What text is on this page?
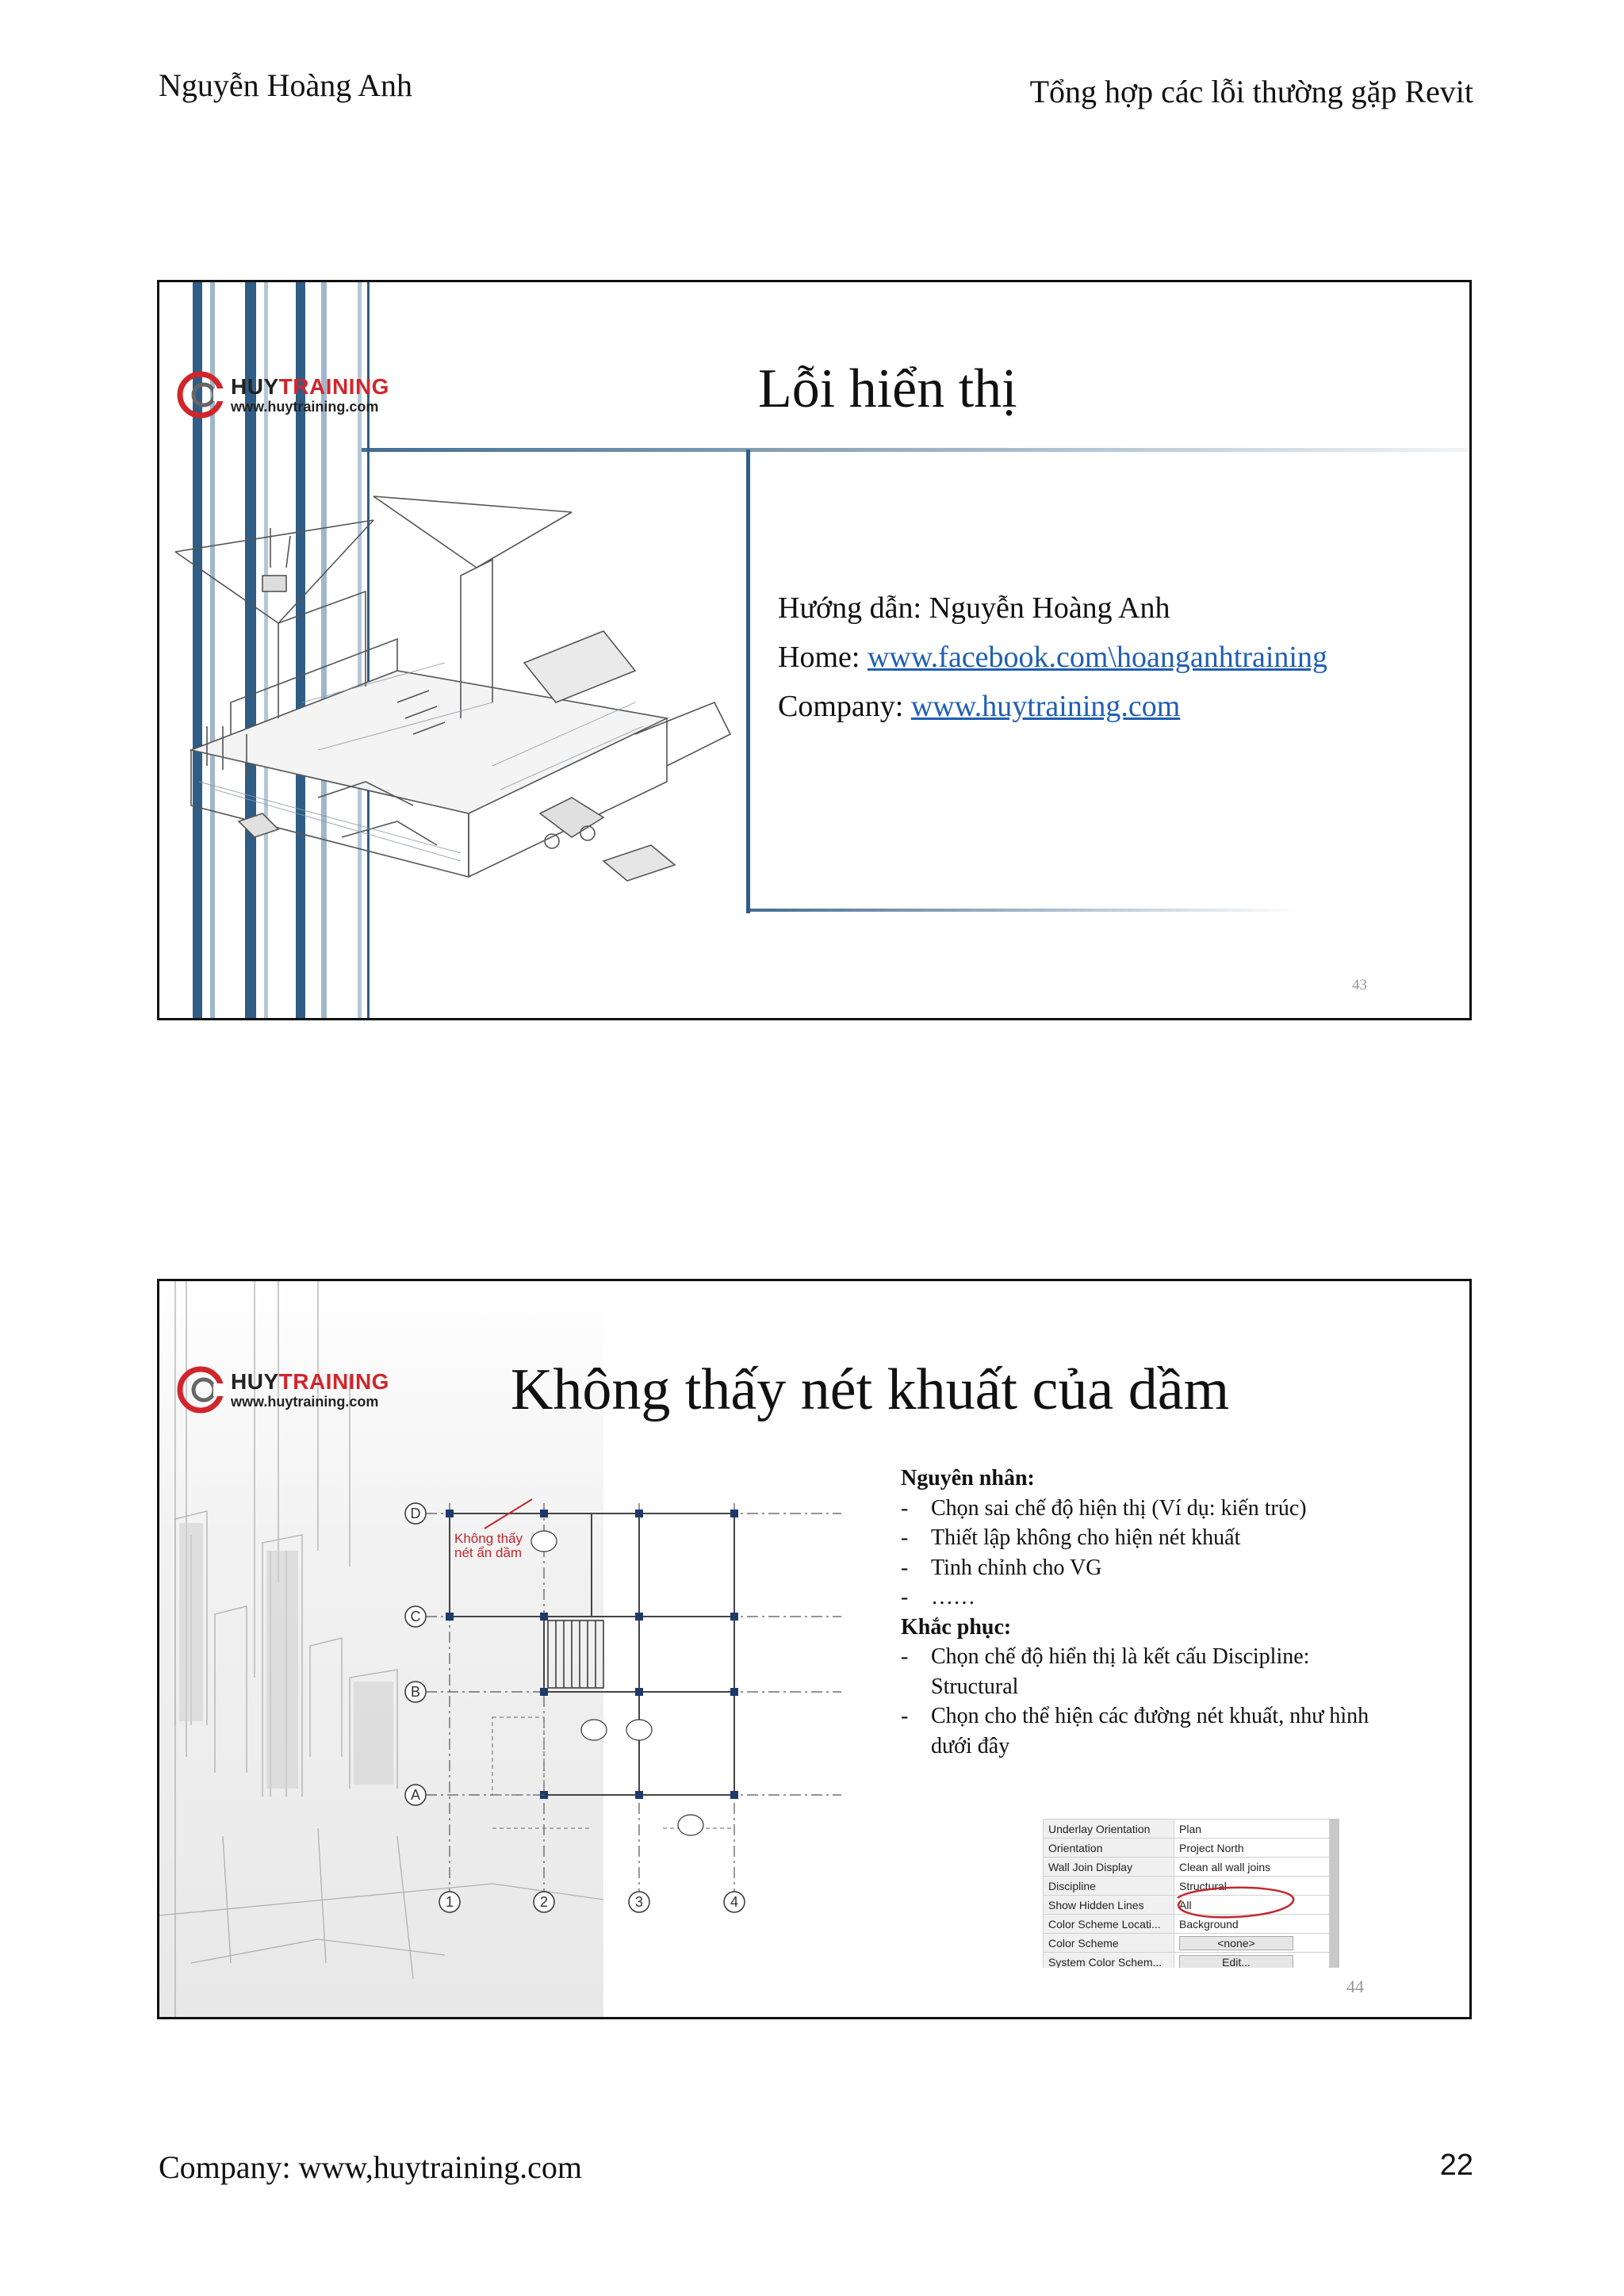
Nguyễn Hoàng Anh	Tổng hợp các lỗi thường gặp Revit
HUYTRAINING
www.huytraining.com	Lỗi hiển thị
Hướng dẫn: Nguyễn Hoàng Anh
Home: www.facebook.com\hoanganhtraining
Company: www.huytraining.com
43
HUYTRAINING
www.huytraining.com	Không thấy nét khuất của dầm
D
C
B
A
1	2	3	4
Không thấy
nét ẩn dầm
Nguyên nhân:
- Chọn sai chế độ hiện thị (Ví dụ: kiến trúc)
- Thiết lập không cho hiện nét khuất
- Tinh chỉnh cho VG
- ……
Khắc phục:
- Chọn chế độ hiển thị là kết cấu Discipline: Structural
- Chọn cho thể hiện các đường nét khuất, như hình dưới đây
Underlay Orientation	Plan
Orientation	Project North
Wall Join Display	Clean all wall joins
Discipline	Structural
Show Hidden Lines	All
Color Scheme Locati...	Background
Color Scheme	<none>
System Color Schem...	Edit...
44
Company: www,huytraining.com	22
